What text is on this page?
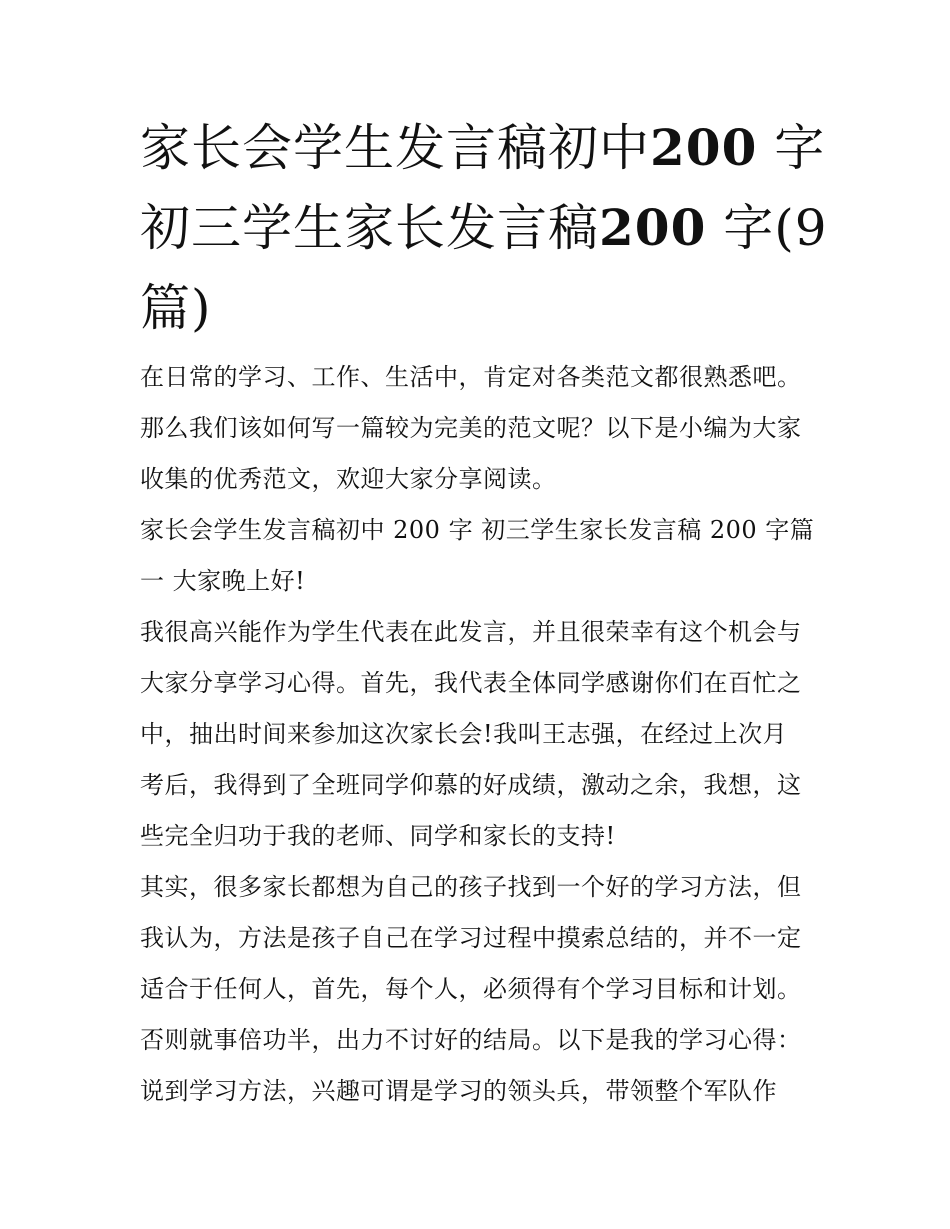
家长会学生发言稿初中200 字
初三学生家长发言稿200 字(9
篇)

在日常的学习、工作、生活中，肯定对各类范文都很熟悉吧。
那么我们该如何写一篇较为完美的范文呢？以下是小编为大家
收集的优秀范文，欢迎大家分享阅读。

家长会学生发言稿初中 200 字 初三学生家长发言稿 200 字篇
一 大家晚上好!

我很高兴能作为学生代表在此发言，并且很荣幸有这个机会与
大家分享学习心得。首先，我代表全体同学感谢你们在百忙之
中，抽出时间来参加这次家长会!我叫王志强，在经过上次月
考后，我得到了全班同学仰慕的好成绩，激动之余，我想，这
些完全归功于我的老师、同学和家长的支持!

其实，很多家长都想为自己的孩子找到一个好的学习方法，但
我认为，方法是孩子自己在学习过程中摸索总结的，并不一定
适合于任何人，首先，每个人，必须得有个学习目标和计划。
否则就事倍功半，出力不讨好的结局。以下是我的学习心得：
说到学习方法，兴趣可谓是学习的领头兵，带领整个军队作
